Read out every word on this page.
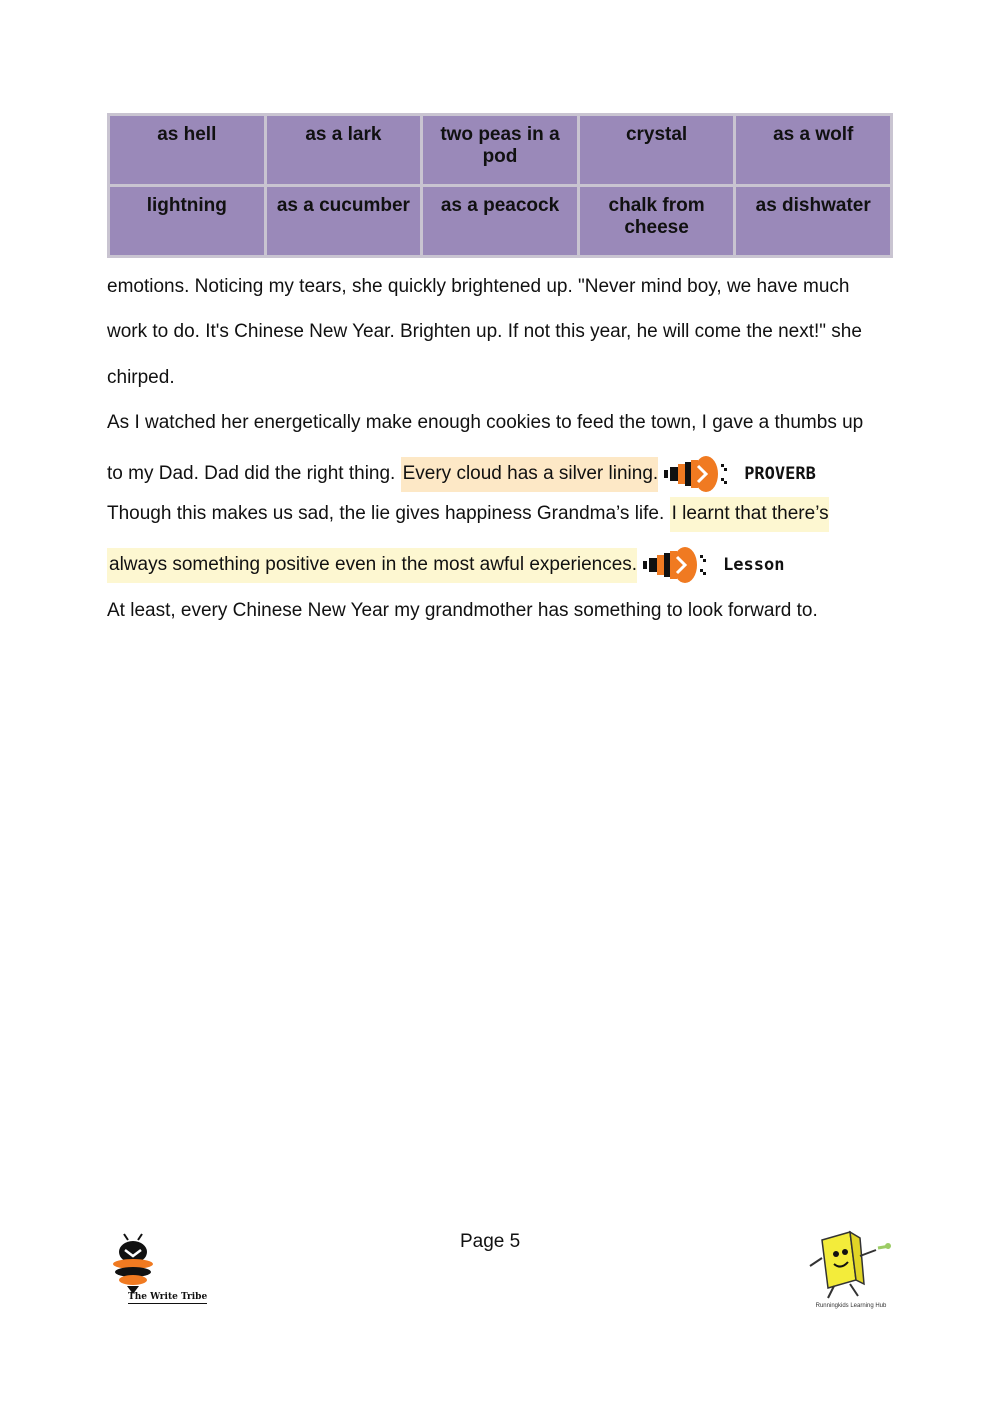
as hell	as a lark	two peas in a pod	crystal	as a wolf
lightning	as a cucumber	as a peacock	chalk from cheese	as dishwater
emotions. Noticing my tears, she quickly brightened up. "Never mind boy, we have much
work to do. It's Chinese New Year. Brighten up. If not this year, he will come the next!" she
chirped.
As I watched her energetically make enough cookies to feed the town, I gave a thumbs up
to my Dad. Dad did the right thing. Every cloud has a silver lining.	PROVERB
Though this makes us sad, the lie gives happiness Grandma’s life. I learnt that there’s
always something positive even in the most awful experiences.	Lesson
At least, every Chinese New Year my grandmother has something to look forward to.
The Write Tribe
Page 5
Runningkids Learning Hub
